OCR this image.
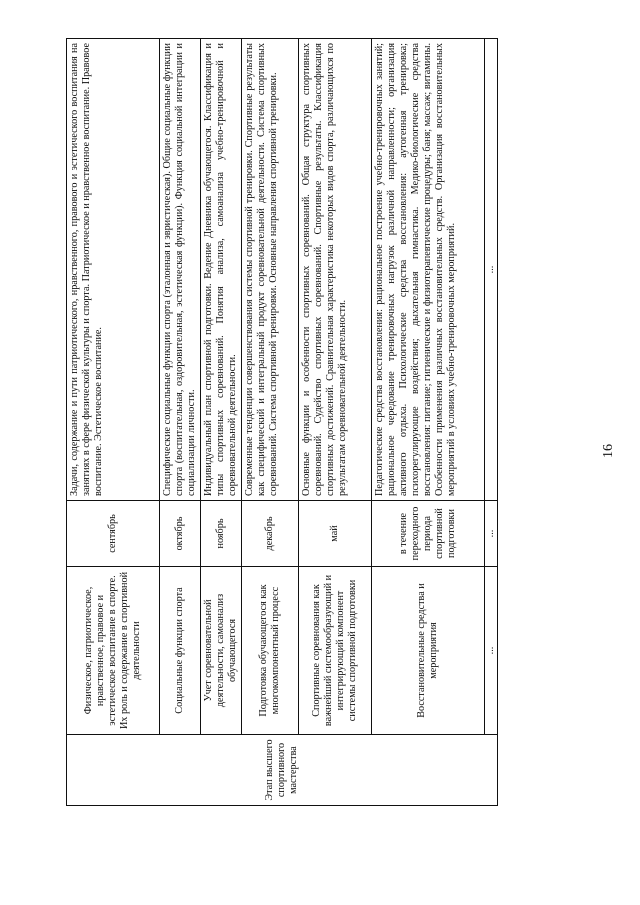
Этап высшего спортивного мастерства	Физическое, патриотическое, нравственное, правовое и эстетическое воспитание в спорте. Их роль и содержание в спортивной деятельности	сентябрь	Задачи, содержание и пути патриотического, нравственного, правового и эстетического воспитания на занятиях в сфере физической культуры и спорта. Патриотическое и нравственное воспитание. Правовое воспитание. Эстетическое воспитание.
	Социальные функции спорта	октябрь	Специфические социальные функции спорта (эталонная и эвристическая). Общие социальные функции спорта (воспитательная, оздоровительная, эстетическая функции). Функция социальной интеграции и социализации личности.
	Учет соревновательной деятельности, самоанализ обучающегося	ноябрь	Индивидуальный план спортивной подготовки. Ведение Дневника обучающегося. Классификация и типы спортивных соревнований. Понятия анализа, самоанализа учебно-тренировочной и соревновательной деятельности.
	Подготовка обучающегося как многокомпонентный процесс	декабрь	Современные тенденции совершенствования системы спортивной тренировки. Спортивные результаты как специфический и интегральный продукт соревновательной деятельности. Система спортивных соревнований. Система спортивной тренировки. Основные направления спортивной тренировки.
	Спортивные соревнования как важнейший системообразующий и интегрирующий компонент системы спортивной подготовки	май	Основные функции и особенности спортивных соревнований. Общая структура спортивных соревнований. Судейство спортивных соревнований. Спортивные результаты. Классификация спортивных достижений. Сравнительная характеристика некоторых видов спорта, различающихся по результатам соревновательной деятельности.
	Восстановительные средства и мероприятия	в течение переходного периода спортивной подготовки	Педагогические средства восстановления: рациональное построение учебно-тренировочных занятий; рациональное чередование тренировочных нагрузок различной направленности; организация активного отдыха. Психологические средства восстановления: аутогенная тренировка; психорегулирующие воздействия; дыхательная гимнастика. Медико-биологические средства восстановления: питание; гигиенические и физиотерапевтические процедуры; баня; массаж; витамины. Особенности применения различных восстановительных средств. Организация восстановительных мероприятий в условиях учебно-тренировочных мероприятий.
	...	...	...
16
